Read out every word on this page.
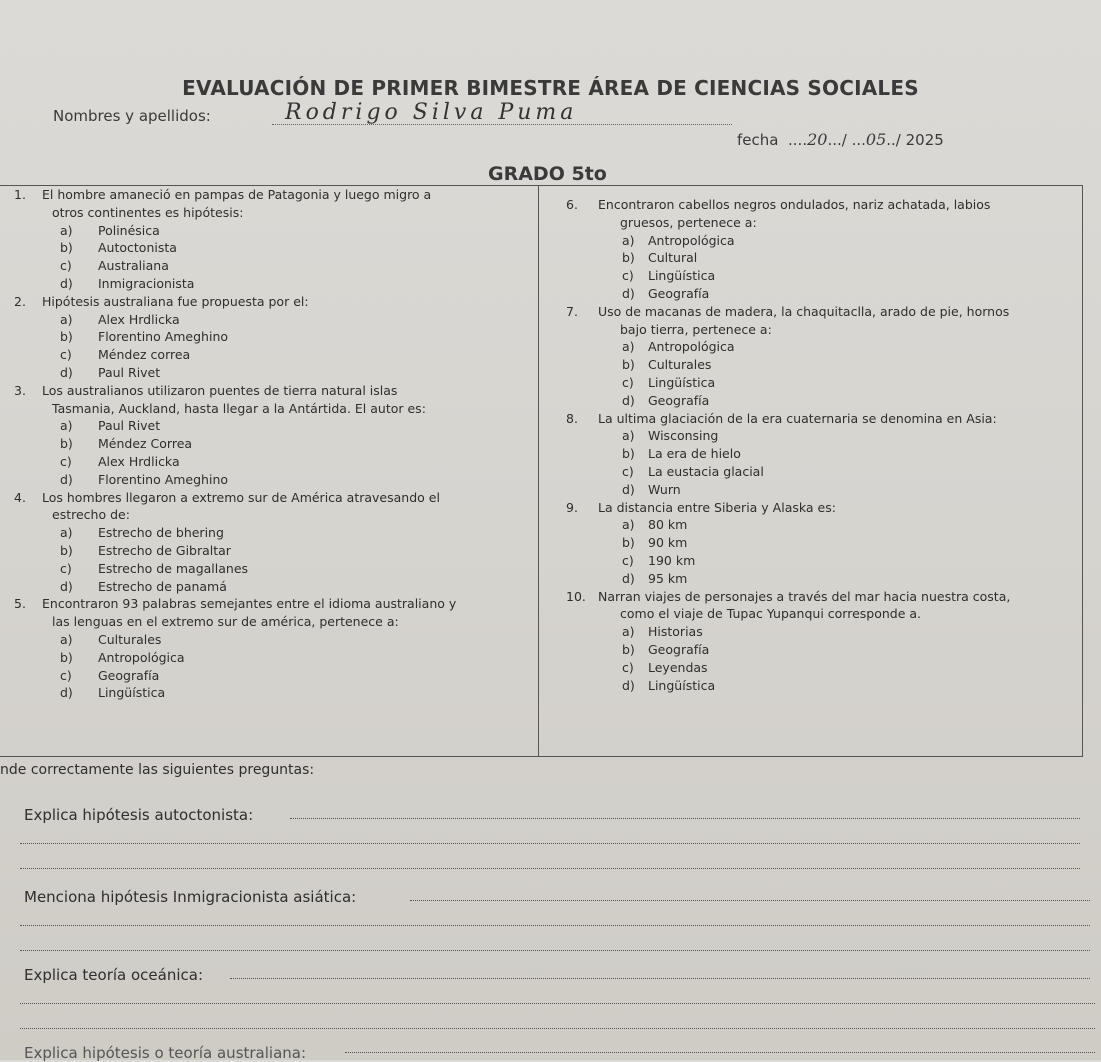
EVALUACIÓN DE PRIMER BIMESTRE ÁREA DE CIENCIAS SOCIALES
Nombres y apellidos:	Rodrigo Silva Puma
fecha  ....20.../ ...05../ 2025
GRADO 5to
1. El hombre amaneció en pampas de Patagonia y luego migro a
otros continentes es hipótesis:
a) Polinésica
b) Autoctonista
c) Australiana
d) Inmigracionista
2. Hipótesis australiana fue propuesta por el:
a) Alex Hrdlicka
b) Florentino Ameghino
c) Méndez correa
d) Paul Rivet
3. Los australianos utilizaron puentes de tierra natural islas
Tasmania, Auckland, hasta llegar a la Antártida. El autor es:
a) Paul Rivet
b) Méndez Correa
c) Alex Hrdlicka
d) Florentino Ameghino
4. Los hombres llegaron a extremo sur de América atravesando el
estrecho de:
a) Estrecho de bhering
b) Estrecho de Gibraltar
c) Estrecho de magallanes
d) Estrecho de panamá
5. Encontraron 93 palabras semejantes entre el idioma australiano y
las lenguas en el extremo sur de américa, pertenece a:
a) Culturales
b) Antropológica
c) Geografía
d) Lingüística
6. Encontraron cabellos negros ondulados, nariz achatada, labios
gruesos, pertenece a:
a) Antropológica
b) Cultural
c) Lingüística
d) Geografía
7. Uso de macanas de madera, la chaquitaclla, arado de pie, hornos
bajo tierra, pertenece a:
a) Antropológica
b) Culturales
c) Lingüística
d) Geografía
8. La ultima glaciación de la era cuaternaria se denomina en Asia:
a) Wisconsing
b) La era de hielo
c) La eustacia glacial
d) Wurn
9. La distancia entre Siberia y Alaska es:
a) 80 km
b) 90 km
c) 190 km
d) 95 km
10. Narran viajes de personajes a través del mar hacia nuestra costa,
como el viaje de Tupac Yupanqui corresponde a.
a) Historias
b) Geografía
c) Leyendas
d) Lingüística
nde correctamente las siguientes preguntas:
Explica hipótesis autoctonista:
Menciona hipótesis Inmigracionista asiática:
Explica teoría oceánica:
Explica hipótesis o teoría australiana:
